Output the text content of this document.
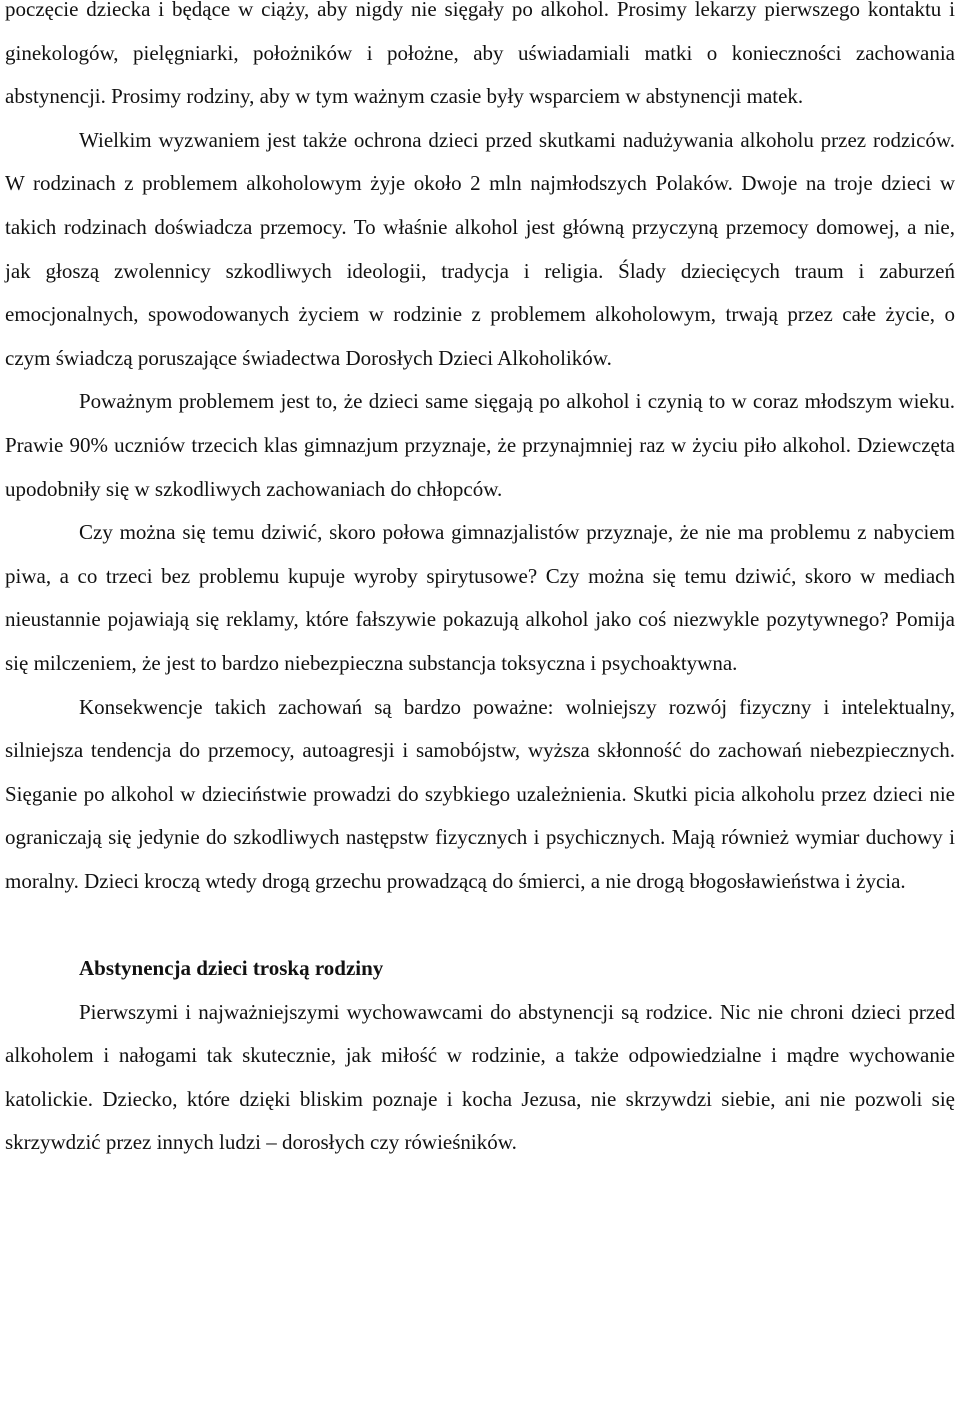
poczęcie dziecka i będące w ciąży, aby nigdy nie sięgały po alkohol. Prosimy lekarzy pierwszego kontaktu i ginekologów, pielęgniarki, położników i położne, aby uświadamiali matki o konieczności zachowania abstynencji. Prosimy rodziny, aby w tym ważnym czasie były wsparciem w abstynencji matek.

Wielkim wyzwaniem jest także ochrona dzieci przed skutkami nadużywania alkoholu przez rodziców. W rodzinach z problemem alkoholowym żyje około 2 mln najmłodszych Polaków. Dwoje na troje dzieci w takich rodzinach doświadcza przemocy. To właśnie alkohol jest główną przyczyną przemocy domowej, a nie, jak głoszą zwolennicy szkodliwych ideologii, tradycja i religia. Ślady dziecięcych traum i zaburzeń emocjonalnych, spowodowanych życiem w rodzinie z problemem alkoholowym, trwają przez całe życie, o czym świadczą poruszające świadectwa Dorosłych Dzieci Alkoholików.

Poważnym problemem jest to, że dzieci same sięgają po alkohol i czynią to w coraz młodszym wieku. Prawie 90% uczniów trzecich klas gimnazjum przyznaje, że przynajmniej raz w życiu piło alkohol. Dziewczęta upodobniły się w szkodliwych zachowaniach do chłopców.

Czy można się temu dziwić, skoro połowa gimnazjalistów przyznaje, że nie ma problemu z nabyciem piwa, a co trzeci bez problemu kupuje wyroby spirytusowe? Czy można się temu dziwić, skoro w mediach nieustannie pojawiają się reklamy, które fałszywie pokazują alkohol jako coś niezwykle pozytywnego? Pomija się milczeniem, że jest to bardzo niebezpieczna substancja toksyczna i psychoaktywna.

Konsekwencje takich zachowań są bardzo poważne: wolniejszy rozwój fizyczny i intelektualny, silniejsza tendencja do przemocy, autoagresji i samobójstw, wyższa skłonność do zachowań niebezpiecznych. Sięganie po alkohol w dzieciństwie prowadzi do szybkiego uzależnienia. Skutki picia alkoholu przez dzieci nie ograniczają się jedynie do szkodliwych następstw fizycznych i psychicznych. Mają również wymiar duchowy i moralny. Dzieci kroczą wtedy drogą grzechu prowadzącą do śmierci, a nie drogą błogosławieństwa i życia.

Abstynencja dzieci troską rodziny

Pierwszymi i najważniejszymi wychowawcami do abstynencji są rodzice. Nic nie chroni dzieci przed alkoholem i nałogami tak skutecznie, jak miłość w rodzinie, a także odpowiedzialne i mądre wychowanie katolickie. Dziecko, które dzięki bliskim poznaje i kocha Jezusa, nie skrzywdzi siebie, ani nie pozwoli się skrzywdzić przez innych ludzi – dorosłych czy rówieśników.
